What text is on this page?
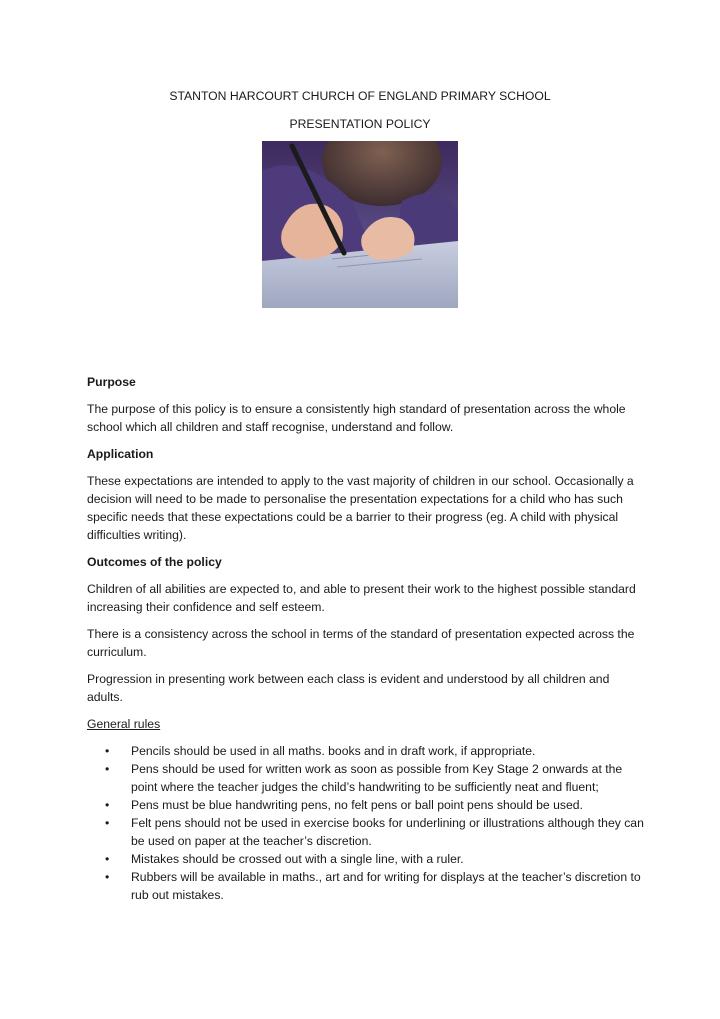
STANTON HARCOURT CHURCH OF ENGLAND PRIMARY SCHOOL
PRESENTATION POLICY
Purpose

The purpose of this policy is to ensure a consistently high standard of presentation across the whole school which all children and staff recognise, understand and follow.

Application

These expectations are intended to apply to the vast majority of children in our school. Occasionally a decision will need to be made to personalise the presentation expectations for a child who has such specific needs that these expectations could be a barrier to their progress (eg. A child with physical difficulties writing).

Outcomes of the policy

Children of all abilities are expected to, and able to present their work to the highest possible standard increasing their confidence and self esteem.

There is a consistency across the school in terms of the standard of presentation expected across the curriculum.

Progression in presenting work between each class is evident and understood by all children and adults.

General rules
• Pencils should be used in all maths. books and in draft work, if appropriate.
• Pens should be used for written work as soon as possible from Key Stage 2 onwards at the point where the teacher judges the child’s handwriting to be sufficiently neat and fluent;
• Pens must be blue handwriting pens, no felt pens or ball point pens should be used.
• Felt pens should not be used in exercise books for underlining or illustrations although they can be used on paper at the teacher’s discretion.
• Mistakes should be crossed out with a single line, with a ruler.
• Rubbers will be available in maths., art and for writing for displays at the teacher’s discretion to rub out mistakes.
